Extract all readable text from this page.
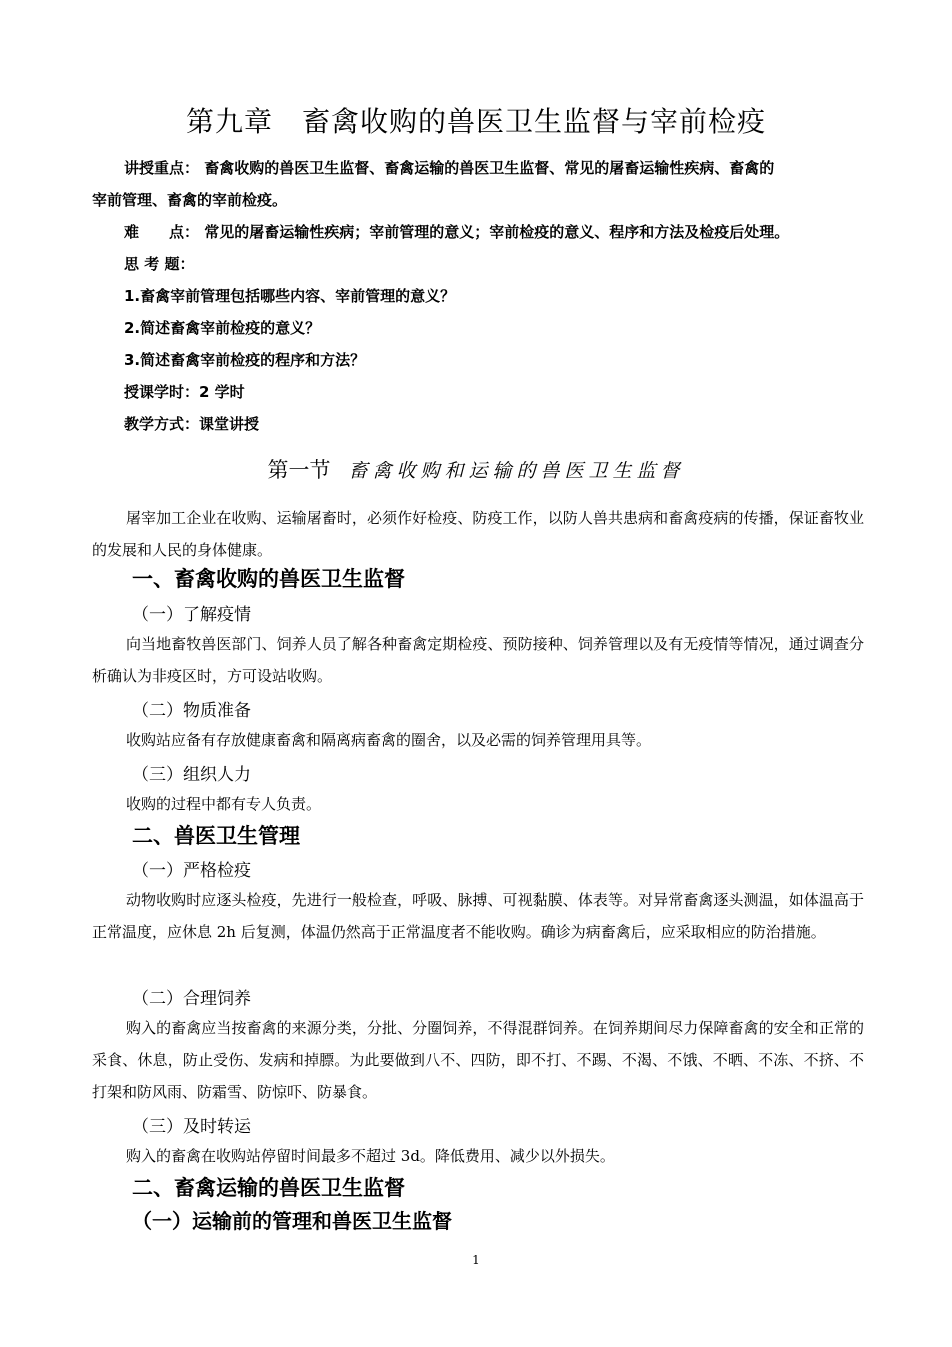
第九章　畜禽收购的兽医卫生监督与宰前检疫
讲授重点： 畜禽收购的兽医卫生监督、畜禽运输的兽医卫生监督、常见的屠畜运输性疾病、畜禽的
宰前管理、畜禽的宰前检疫。
难　　点： 常见的屠畜运输性疾病；宰前管理的意义；宰前检疫的意义、程序和方法及检疫后处理。
思 考 题：
1.畜禽宰前管理包括哪些内容、宰前管理的意义？
2.简述畜禽宰前检疫的意义？
3.简述畜禽宰前检疫的程序和方法？
授课学时：2 学时
教学方式：课堂讲授
第一节 畜禽收购和运输的兽医卫生监督
屠宰加工企业在收购、运输屠畜时，必须作好检疫、防疫工作，以防人兽共患病和畜禽疫病的传播，保证畜牧业的发展和人民的身体健康。
一、畜禽收购的兽医卫生监督
（一）了解疫情
向当地畜牧兽医部门、饲养人员了解各种畜禽定期检疫、预防接种、饲养管理以及有无疫情等情况，通过调查分析确认为非疫区时，方可设站收购。
（二）物质准备
收购站应备有存放健康畜禽和隔离病畜禽的圈舍，以及必需的饲养管理用具等。
（三）组织人力
收购的过程中都有专人负责。
二、兽医卫生管理
（一）严格检疫
动物收购时应逐头检疫，先进行一般检查，呼吸、脉搏、可视黏膜、体表等。对异常畜禽逐头测温，如体温高于正常温度，应休息 2h 后复测，体温仍然高于正常温度者不能收购。确诊为病畜禽后，应采取相应的防治措施。
（二）合理饲养
购入的畜禽应当按畜禽的来源分类，分批、分圈饲养，不得混群饲养。在饲养期间尽力保障畜禽的安全和正常的采食、休息，防止受伤、发病和掉膘。为此要做到八不、四防，即不打、不踢、不渴、不饿、不晒、不冻、不挤、不打架和防风雨、防霜雪、防惊吓、防暴食。
（三）及时转运
购入的畜禽在收购站停留时间最多不超过 3d。降低费用、减少以外损失。
二、畜禽运输的兽医卫生监督
（一）运输前的管理和兽医卫生监督
1
